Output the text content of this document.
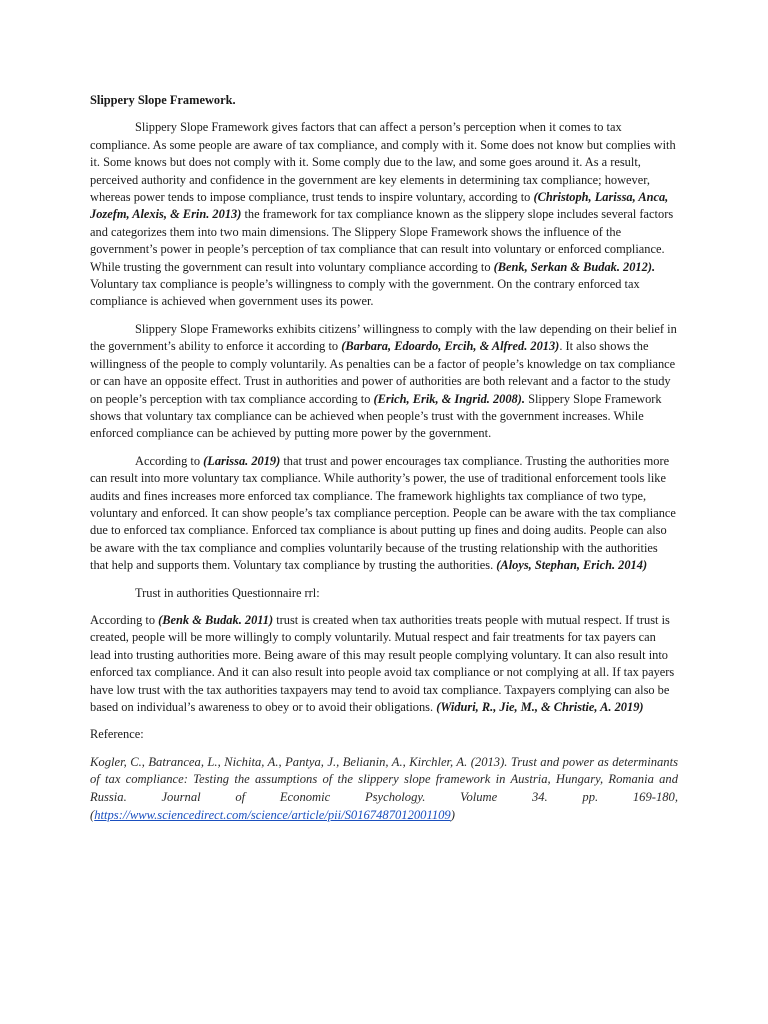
Slippery Slope Framework.

Slippery Slope Framework gives factors that can affect a person’s perception when it comes to tax compliance. As some people are aware of tax compliance, and comply with it. Some does not know but complies with it. Some knows but does not comply with it. Some comply due to the law, and some goes around it. As a result, perceived authority and confidence in the government are key elements in determining tax compliance; however, whereas power tends to impose compliance, trust tends to inspire voluntary, according to (Christoph, Larissa, Anca, Jozefm, Alexis, & Erin. 2013) the framework for tax compliance known as the slippery slope includes several factors and categorizes them into two main dimensions. The Slippery Slope Framework shows the influence of the government’s power in people’s perception of tax compliance that can result into voluntary or enforced compliance. While trusting the government can result into voluntary compliance according to (Benk, Serkan & Budak. 2012). Voluntary tax compliance is people’s willingness to comply with the government. On the contrary enforced tax compliance is achieved when government uses its power.

Slippery Slope Frameworks exhibits citizens’ willingness to comply with the law depending on their belief in the government’s ability to enforce it according to (Barbara, Edoardo, Ercih, & Alfred. 2013). It also shows the willingness of the people to comply voluntarily. As penalties can be a factor of people’s knowledge on tax compliance or can have an opposite effect. Trust in authorities and power of authorities are both relevant and a factor to the study on people’s perception with tax compliance according to (Erich, Erik, & Ingrid. 2008). Slippery Slope Framework shows that voluntary tax compliance can be achieved when people’s trust with the government increases. While enforced compliance can be achieved by putting more power by the government.

According to (Larissa. 2019) that trust and power encourages tax compliance. Trusting the authorities more can result into more voluntary tax compliance. While authority’s power, the use of traditional enforcement tools like audits and fines increases more enforced tax compliance. The framework highlights tax compliance of two type, voluntary and enforced. It can show people’s tax compliance perception. People can be aware with the tax compliance due to enforced tax compliance. Enforced tax compliance is about putting up fines and doing audits. People can also be aware with the tax compliance and complies voluntarily because of the trusting relationship with the authorities that help and supports them. Voluntary tax compliance by trusting the authorities. (Aloys, Stephan, Erich. 2014)

Trust in authorities Questionnaire rrl:

According to (Benk & Budak. 2011) trust is created when tax authorities treats people with mutual respect. If trust is created, people will be more willingly to comply voluntarily. Mutual respect and fair treatments for tax payers can lead into trusting authorities more. Being aware of this may result people complying voluntary. It can also result into enforced tax compliance. And it can also result into people avoid tax compliance or not complying at all. If tax payers have low trust with the tax authorities taxpayers may tend to avoid tax compliance. Taxpayers complying can also be based on individual’s awareness to obey or to avoid their obligations. (Widuri, R., Jie, M., & Christie, A. 2019)

Reference:

Kogler, C., Batrancea, L., Nichita, A., Pantya, J., Belianin, A., Kirchler, A. (2013). Trust and power as determinants of tax compliance: Testing the assumptions of the slippery slope framework in Austria, Hungary, Romania and Russia. Journal of Economic Psychology. Volume 34. pp. 169-180, (https://www.sciencedirect.com/science/article/pii/S0167487012001109)
